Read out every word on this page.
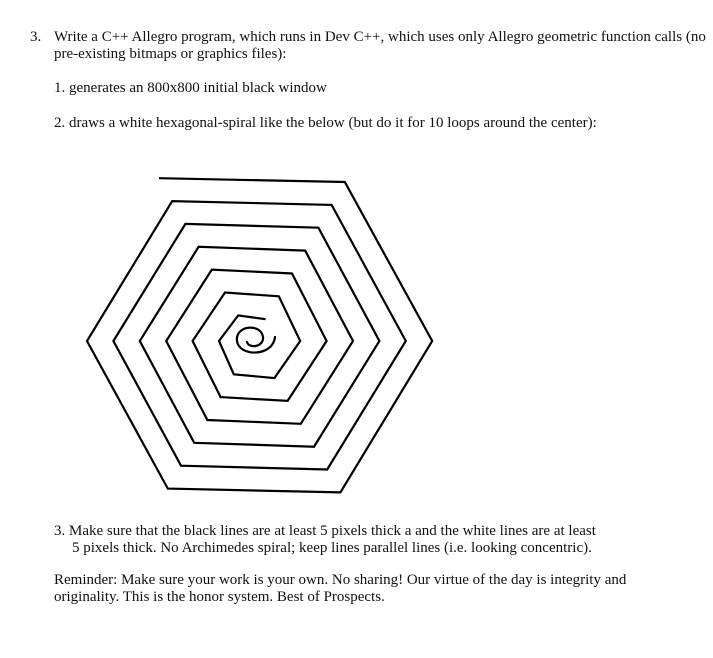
3. Write a C++ Allegro program, which runs in Dev C++, which uses only Allegro geometric function calls (no
pre-existing bitmaps or graphics files):
1. generates an 800x800 initial black window
2. draws a white hexagonal-spiral like the below (but do it for 10 loops around the center):
3. Make sure that the black lines are at least 5 pixels thick a and the white lines are at least
5 pixels thick. No Archimedes spiral; keep lines parallel lines (i.e. looking concentric).
Reminder: Make sure your work is your own. No sharing! Our virtue of the day is integrity and
originality. This is the honor system. Best of Prospects.
